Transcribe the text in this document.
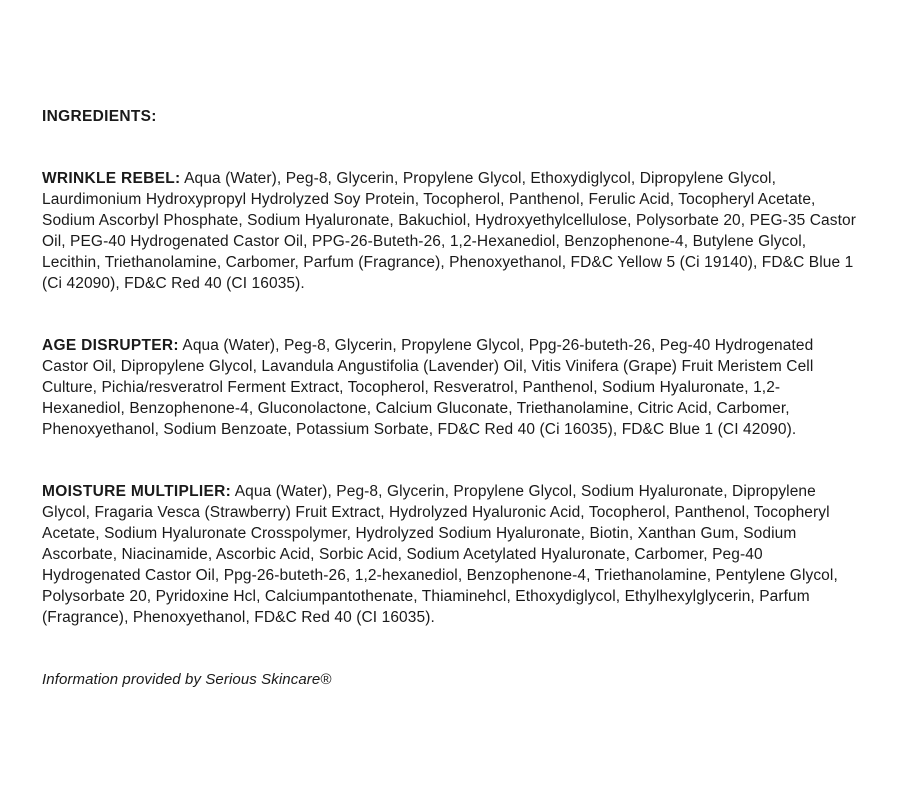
INGREDIENTS:

WRINKLE REBEL: Aqua (Water), Peg-8, Glycerin, Propylene Glycol, Ethoxydiglycol, Dipropylene Glycol, Laurdimonium Hydroxypropyl Hydrolyzed Soy Protein, Tocopherol, Panthenol, Ferulic Acid, Tocopheryl Acetate, Sodium Ascorbyl Phosphate, Sodium Hyaluronate, Bakuchiol, Hydroxyethylcellulose, Polysorbate 20, PEG-35 Castor Oil, PEG-40 Hydrogenated Castor Oil, PPG-26-Buteth-26, 1,2-Hexanediol, Benzophenone-4, Butylene Glycol, Lecithin, Triethanolamine, Carbomer, Parfum (Fragrance), Phenoxyethanol, FD&C Yellow 5 (Ci 19140), FD&C Blue 1 (Ci 42090), FD&C Red 40 (CI 16035).

AGE DISRUPTER: Aqua (Water), Peg-8, Glycerin, Propylene Glycol, Ppg-26-buteth-26, Peg-40 Hydrogenated Castor Oil, Dipropylene Glycol, Lavandula Angustifolia (Lavender) Oil, Vitis Vinifera (Grape) Fruit Meristem Cell Culture, Pichia/resveratrol Ferment Extract, Tocopherol, Resveratrol, Panthenol, Sodium Hyaluronate, 1,2-Hexanediol, Benzophenone-4, Gluconolactone, Calcium Gluconate, Triethanolamine, Citric Acid, Carbomer, Phenoxyethanol, Sodium Benzoate, Potassium Sorbate, FD&C Red 40 (Ci 16035), FD&C Blue 1 (CI 42090).

MOISTURE MULTIPLIER: Aqua (Water), Peg-8, Glycerin, Propylene Glycol, Sodium Hyaluronate, Dipropylene Glycol, Fragaria Vesca (Strawberry) Fruit Extract, Hydrolyzed Hyaluronic Acid, Tocopherol, Panthenol, Tocopheryl Acetate, Sodium Hyaluronate Crosspolymer, Hydrolyzed Sodium Hyaluronate, Biotin, Xanthan Gum, Sodium Ascorbate, Niacinamide, Ascorbic Acid, Sorbic Acid, Sodium Acetylated Hyaluronate, Carbomer, Peg-40 Hydrogenated Castor Oil, Ppg-26-buteth-26, 1,2-hexanediol, Benzophenone-4, Triethanolamine, Pentylene Glycol, Polysorbate 20, Pyridoxine Hcl, Calciumpantothenate, Thiaminehcl, Ethoxydiglycol, Ethylhexylglycerin, Parfum (Fragrance), Phenoxyethanol, FD&C Red 40 (CI 16035).

Information provided by Serious Skincare®
